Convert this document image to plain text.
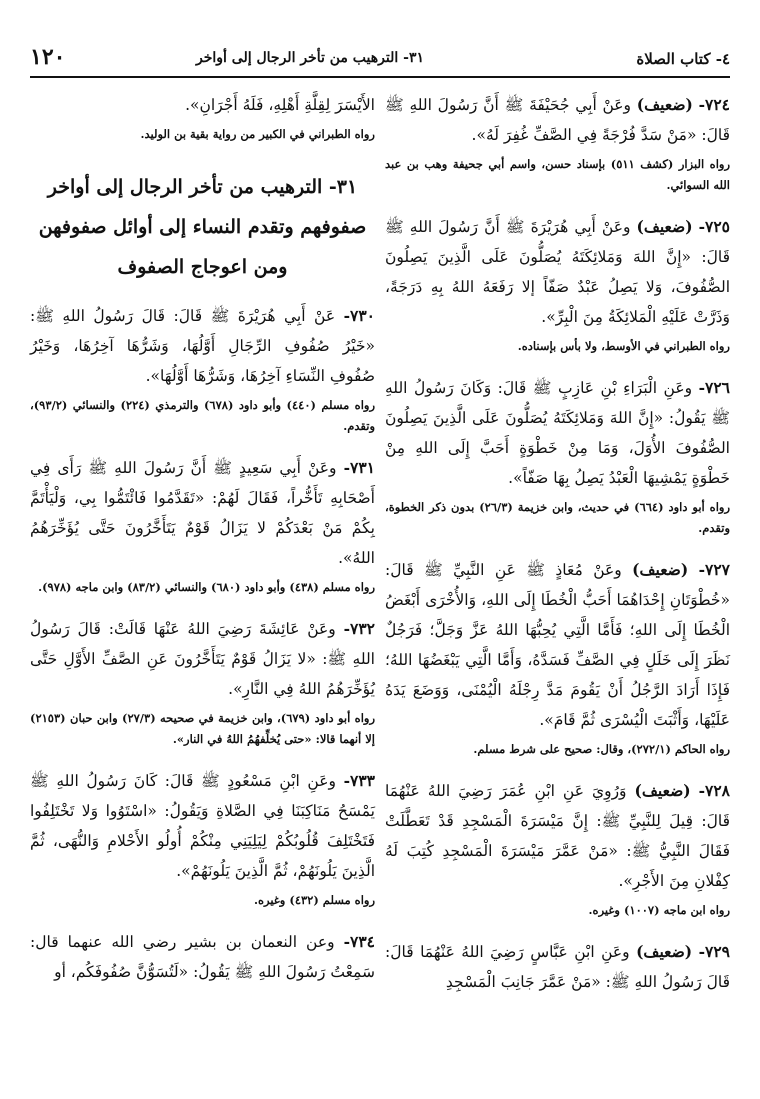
٤- كتاب الصلاة
٣١- الترهيب من تأخر الرجال إلى أواخر
١٢٠

٧٢٤- (ضعيف) وعَنْ أَبِي جُحَيْفَةَ ﷺ أَنَّ رَسُولَ اللهِ ﷺ قَالَ: «مَنْ سَدَّ فُرْجَةً فِي الصَّفِّ غُفِرَ لَهُ».

رواه البزار (كشف ٥١١) بإسناد حسن، واسم أبي جحيفة وهب بن عبد الله السوائي.

٧٢٥- (ضعيف) وعَنْ أَبِي هُرَيْرَةَ ﷺ أَنَّ رَسُولَ اللهِ ﷺ قَالَ: «إِنَّ اللهَ وَمَلائِكَتَهُ يُصَلُّونَ عَلَى الَّذِينَ يَصِلُونَ الصُّفُوفَ، وَلا يَصِلُ عَبْدٌ صَفّاً إلا رَفَعَهُ اللهُ بِهِ دَرَجَةً، وَذَرَّتْ عَلَيْهِ الْمَلائِكَةُ مِنَ الْبِرِّ».

رواه الطبراني في الأوسط، ولا بأس بإسناده.

٧٢٦- وعَنِ الْبَرَاءِ بْنِ عَازِبٍ ﷺ قَالَ: وَكَانَ رَسُولُ اللهِ ﷺ يَقُولُ: «إِنَّ اللهَ وَمَلائِكَتَهُ يُصَلُّونَ عَلَى الَّذِينَ يَصِلُونَ الصُّفُوفَ الأُوَلَ، وَمَا مِنْ خَطْوَةٍ أَحَبَّ إِلَى اللهِ مِنْ خَطْوَةٍ يَمْشِيهَا الْعَبْدُ يَصِلُ بِهَا صَفّاً».

رواه أبو داود (٦٦٤) في حديث، وابن خزيمة (٢٦/٣) بدون ذكر الخطوة، وتقدم.

٧٢٧- (ضعيف) وعَنْ مُعَاذٍ ﷺ عَنِ النَّبِيِّ ﷺ قَالَ: «خُطْوَتَانِ إِحْدَاهُمَا أَحَبُّ الْخُطَا إِلَى اللهِ، وَالأُخْرَى أَبْغَضُ الْخُطَا إِلَى اللهِ؛ فَأَمَّا الَّتِي يُحِبُّهَا اللهُ عَزَّ وَجَلَّ؛ فَرَجُلٌ نَظَرَ إِلَى خَلَلٍ فِي الصَّفِّ فَسَدَّهُ، وَأَمَّا الَّتِي يَبْغَضُهَا اللهُ؛ فَإِذَا أَرَادَ الرَّجُلُ أَنْ يَقُومَ مَدَّ رِجْلَهُ الْيُمْنَى، وَوَضَعَ يَدَهُ عَلَيْهَا، وَأَثْبَتَ الْيُسْرَى ثُمَّ قَامَ».

رواه الحاكم (٢٧٢/١)، وقال: صحيح على شرط مسلم.

٧٢٨- (ضعيف) وَرُوِيَ عَنِ ابْنِ عُمَرَ رَضِيَ اللهُ عَنْهُمَا قَالَ: قِيلَ لِلنَّبِيِّ ﷺ: إِنَّ مَيْسَرَةَ الْمَسْجِدِ قَدْ تَعَطَّلَتْ فَقَالَ النَّبِيُّ ﷺ: «مَنْ عَمَّرَ مَيْسَرَةَ الْمَسْجِدِ كُتِبَ لَهُ كِفْلانِ مِنَ الأَجْرِ».

رواه ابن ماجه (١٠٠٧) وغيره.

٧٢٩- (ضعيف) وعَنِ ابْنِ عَبَّاسٍ رَضِيَ اللهُ عَنْهُمَا قَالَ: قَالَ رَسُولُ اللهِ ﷺ: «مَنْ عَمَّرَ جَانِبَ الْمَسْجِدِ

الأَيْسَرَ لِقِلَّةِ أَهْلِهِ، فَلَهُ أَجْرَانِ».

رواه الطبراني في الكبير من رواية بقية بن الوليد.

٣١- الترهيب من تأخر الرجال إلى أواخر صفوفهم وتقدم النساء إلى أوائل صفوفهن ومن اعوجاج الصفوف

٧٣٠- عَنْ أَبِي هُرَيْرَةَ ﷺ قَالَ: قَالَ رَسُولُ اللهِ ﷺ: «خَيْرُ صُفُوفِ الرِّجَالِ أَوَّلُهَا، وَشَرُّهَا آخِرُهَا، وَخَيْرُ صُفُوفِ النِّسَاءِ آخِرُهَا، وَشَرُّهَا أَوَّلُهَا».

رواه مسلم (٤٤٠) وأبو داود (٦٧٨) والترمذي (٢٢٤) والنسائي (٩٣/٢)، وتقدم.

٧٣١- وعَنْ أَبِي سَعِيدٍ ﷺ أَنَّ رَسُولَ اللهِ ﷺ رَأَى فِي أَصْحَابِهِ تَأَخُّراً، فَقَالَ لَهُمْ: «تَقَدَّمُوا فَائْتَمُّوا بِي، وَلْيَأْتَمَّ بِكُمْ مَنْ بَعْدَكُمْ لا يَزَالُ قَوْمٌ يَتَأَخَّرُونَ حَتَّى يُؤَخِّرَهُمُ اللهُ».

رواه مسلم (٤٣٨) وأبو داود (٦٨٠) والنسائي (٨٣/٢) وابن ماجه (٩٧٨).

٧٣٢- وعَنْ عَائِشَةَ رَضِيَ اللهُ عَنْهَا قَالَتْ: قَالَ رَسُولُ اللهِ ﷺ: «لا يَزَالُ قَوْمٌ يَتَأَخَّرُونَ عَنِ الصَّفِّ الأَوَّلِ حَتَّى يُؤَخِّرَهُمُ اللهُ فِي النَّارِ».

رواه أبو داود (٦٧٩)، وابن خزيمة في صحيحه (٢٧/٣) وابن حبان (٢١٥٣) إلا أنهما قالا: «حتى يُخلِّفهُمُ اللهُ في النار».

٧٣٣- وعَنِ ابْنِ مَسْعُودٍ ﷺ قَالَ: كَانَ رَسُولُ اللهِ ﷺ يَمْسَحُ مَنَاكِبَنَا فِي الصَّلاةِ وَيَقُولُ: «اسْتَوُوا وَلا تَخْتَلِفُوا فَتَخْتَلِفَ قُلُوبُكُمْ لِيَلِيَنِي مِنْكُمْ أُولُو الأَحْلامِ وَالنُّهَى، ثُمَّ الَّذِينَ يَلُونَهُمْ، ثُمَّ الَّذِينَ يَلُونَهُمْ».

رواه مسلم (٤٣٢) وغيره.

٧٣٤- وعن النعمان بن بشير رضي الله عنهما قال: سَمِعْتُ رَسُولَ اللهِ ﷺ يَقُولُ: «لَتُسَوُّنَّ صُفُوفَكُم، أو
